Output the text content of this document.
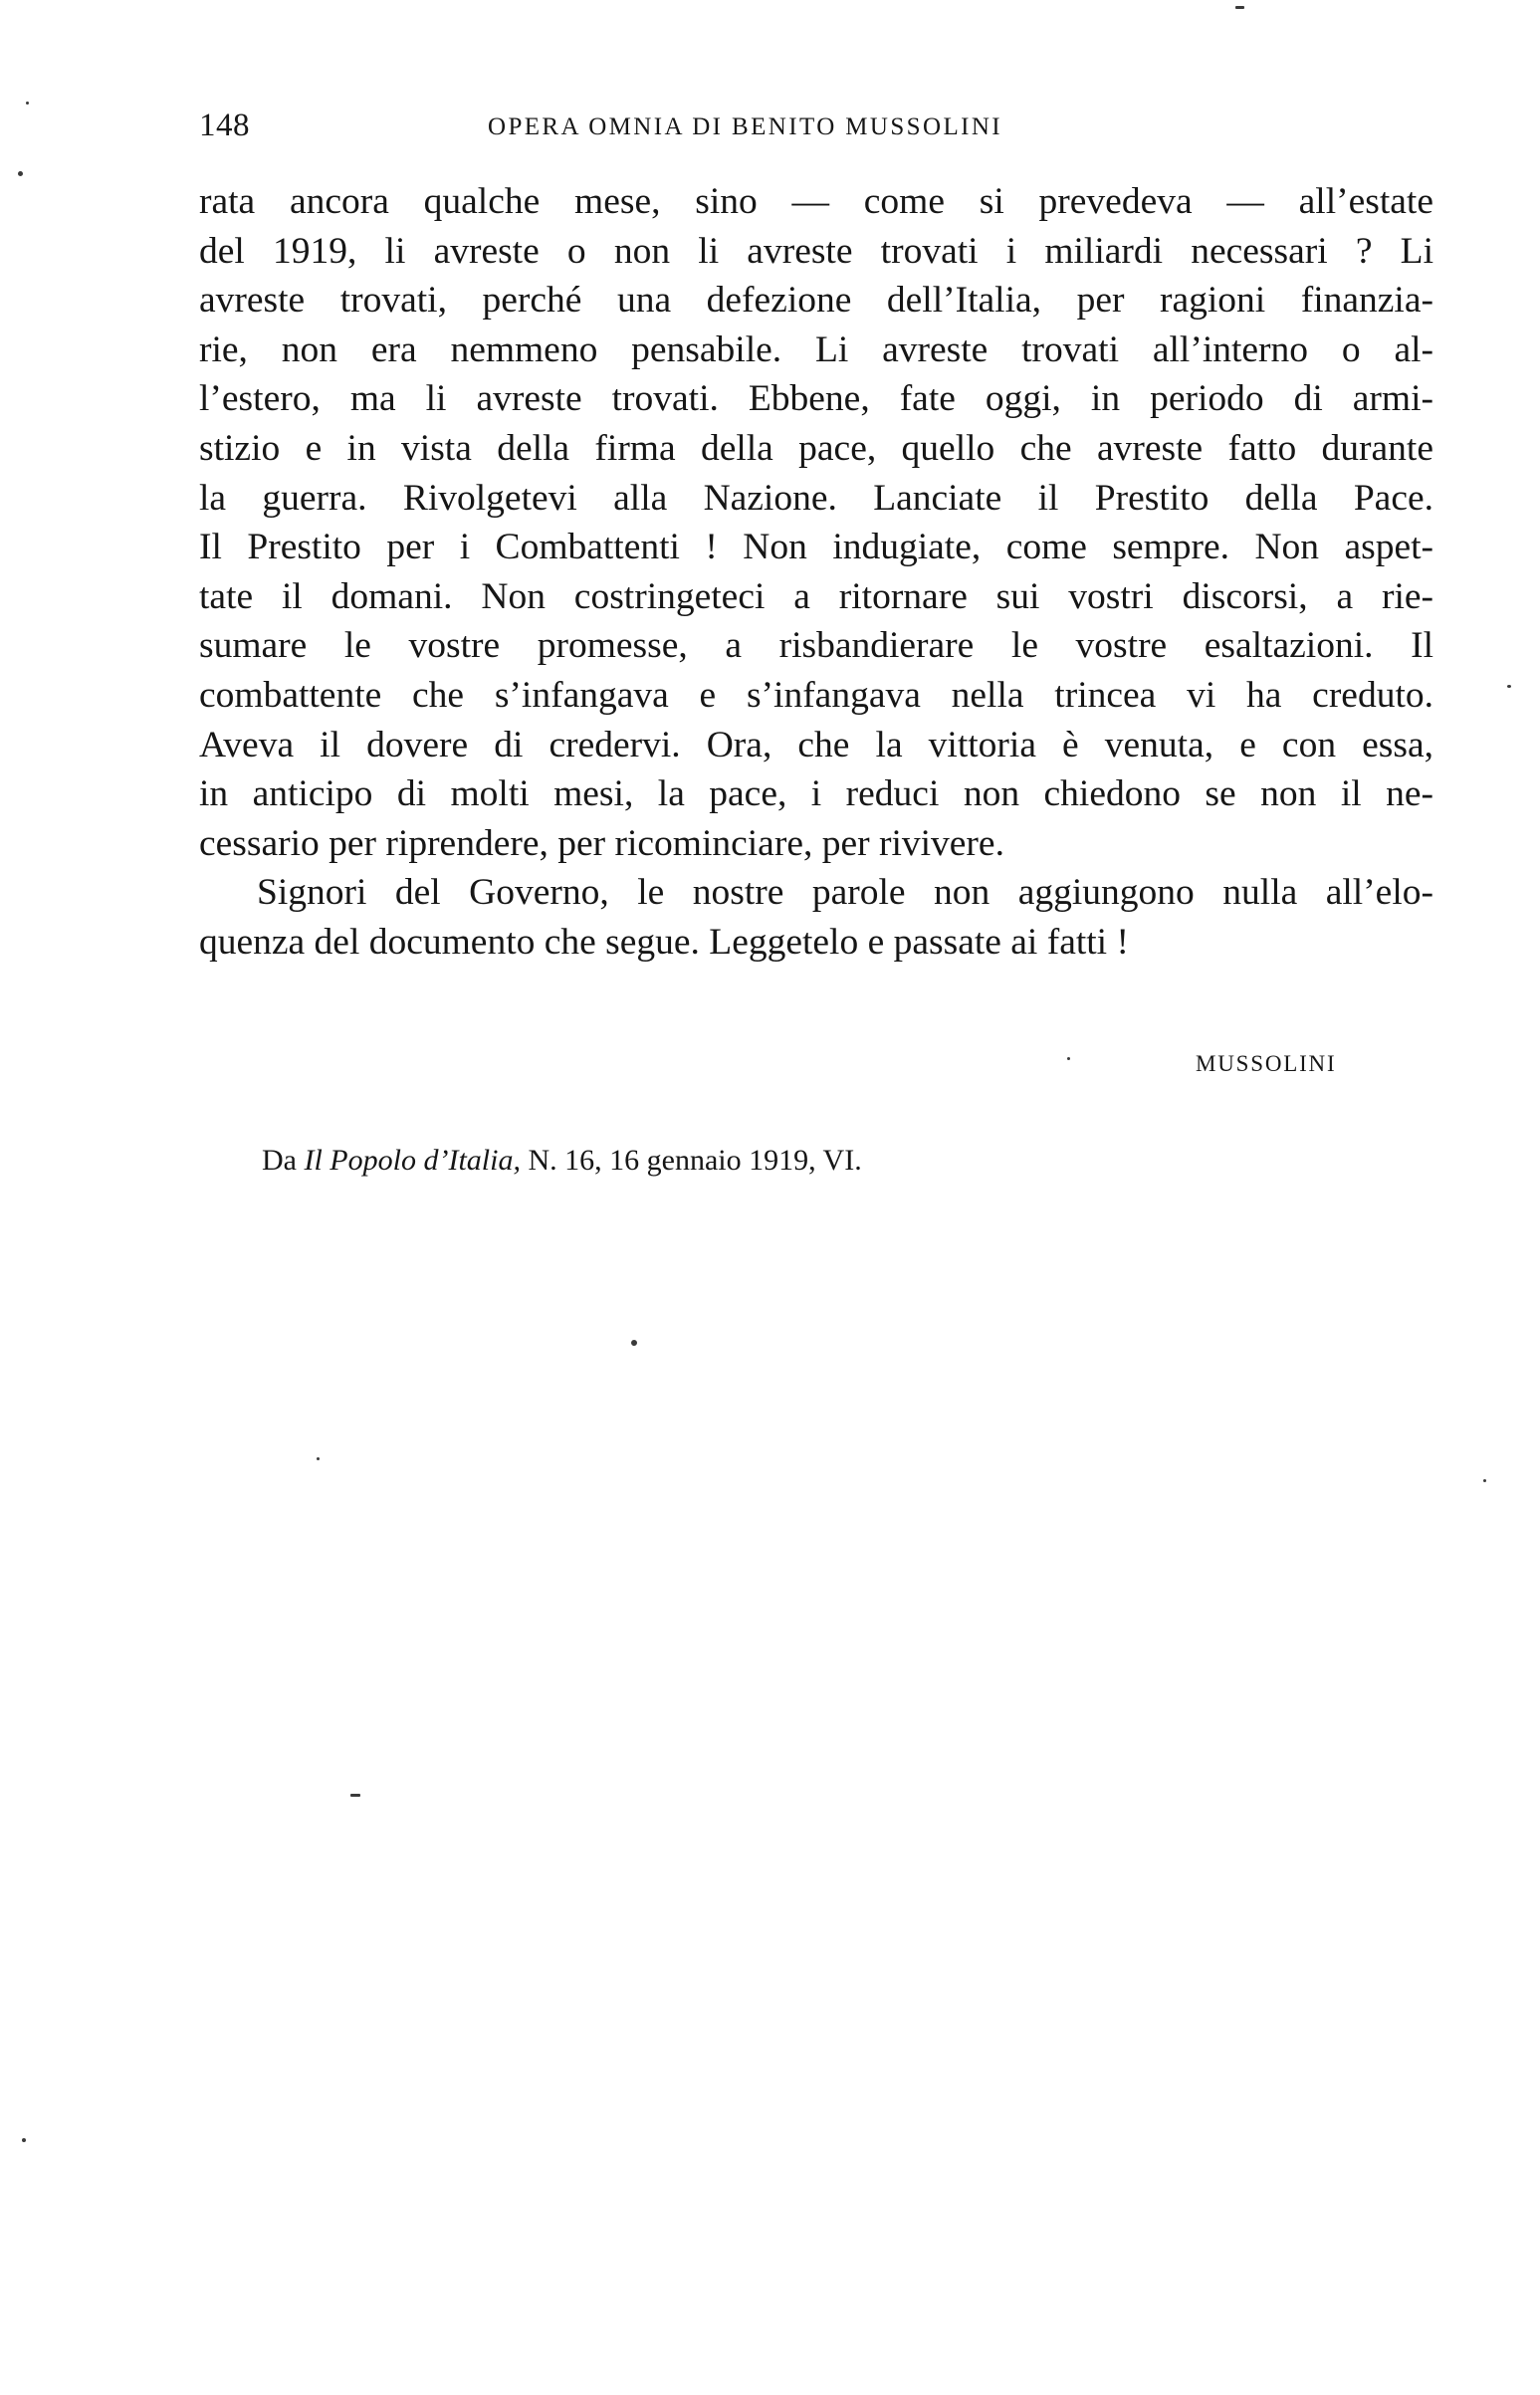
148	OPERA OMNIA DI BENITO MUSSOLINI
rata ancora qualche mese, sino — come si prevedeva — all’estate
del 1919, li avreste o non li avreste trovati i miliardi necessari ? Li
avreste trovati, perché una defezione dell’Italia, per ragioni finanzia-
rie, non era nemmeno pensabile. Li avreste trovati all’interno o al-
l’estero, ma li avreste trovati. Ebbene, fate oggi, in periodo di armi-
stizio e in vista della firma della pace, quello che avreste fatto durante
la guerra. Rivolgetevi alla Nazione. Lanciate il Prestito della Pace.
Il Prestito per i Combattenti ! Non indugiate, come sempre. Non aspet-
tate il domani. Non costringeteci a ritornare sui vostri discorsi, a rie-
sumare le vostre promesse, a risbandierare le vostre esaltazioni. Il
combattente che s’infangava e s’infangava nella trincea vi ha creduto.
Aveva il dovere di credervi. Ora, che la vittoria è venuta, e con essa,
in anticipo di molti mesi, la pace, i reduci non chiedono se non il ne-
cessario per riprendere, per ricominciare, per rivivere.
Signori del Governo, le nostre parole non aggiungono nulla all’elo-
quenza del documento che segue. Leggetelo e passate ai fatti !
MUSSOLINI
Da Il Popolo d’Italia, N. 16, 16 gennaio 1919, VI.
